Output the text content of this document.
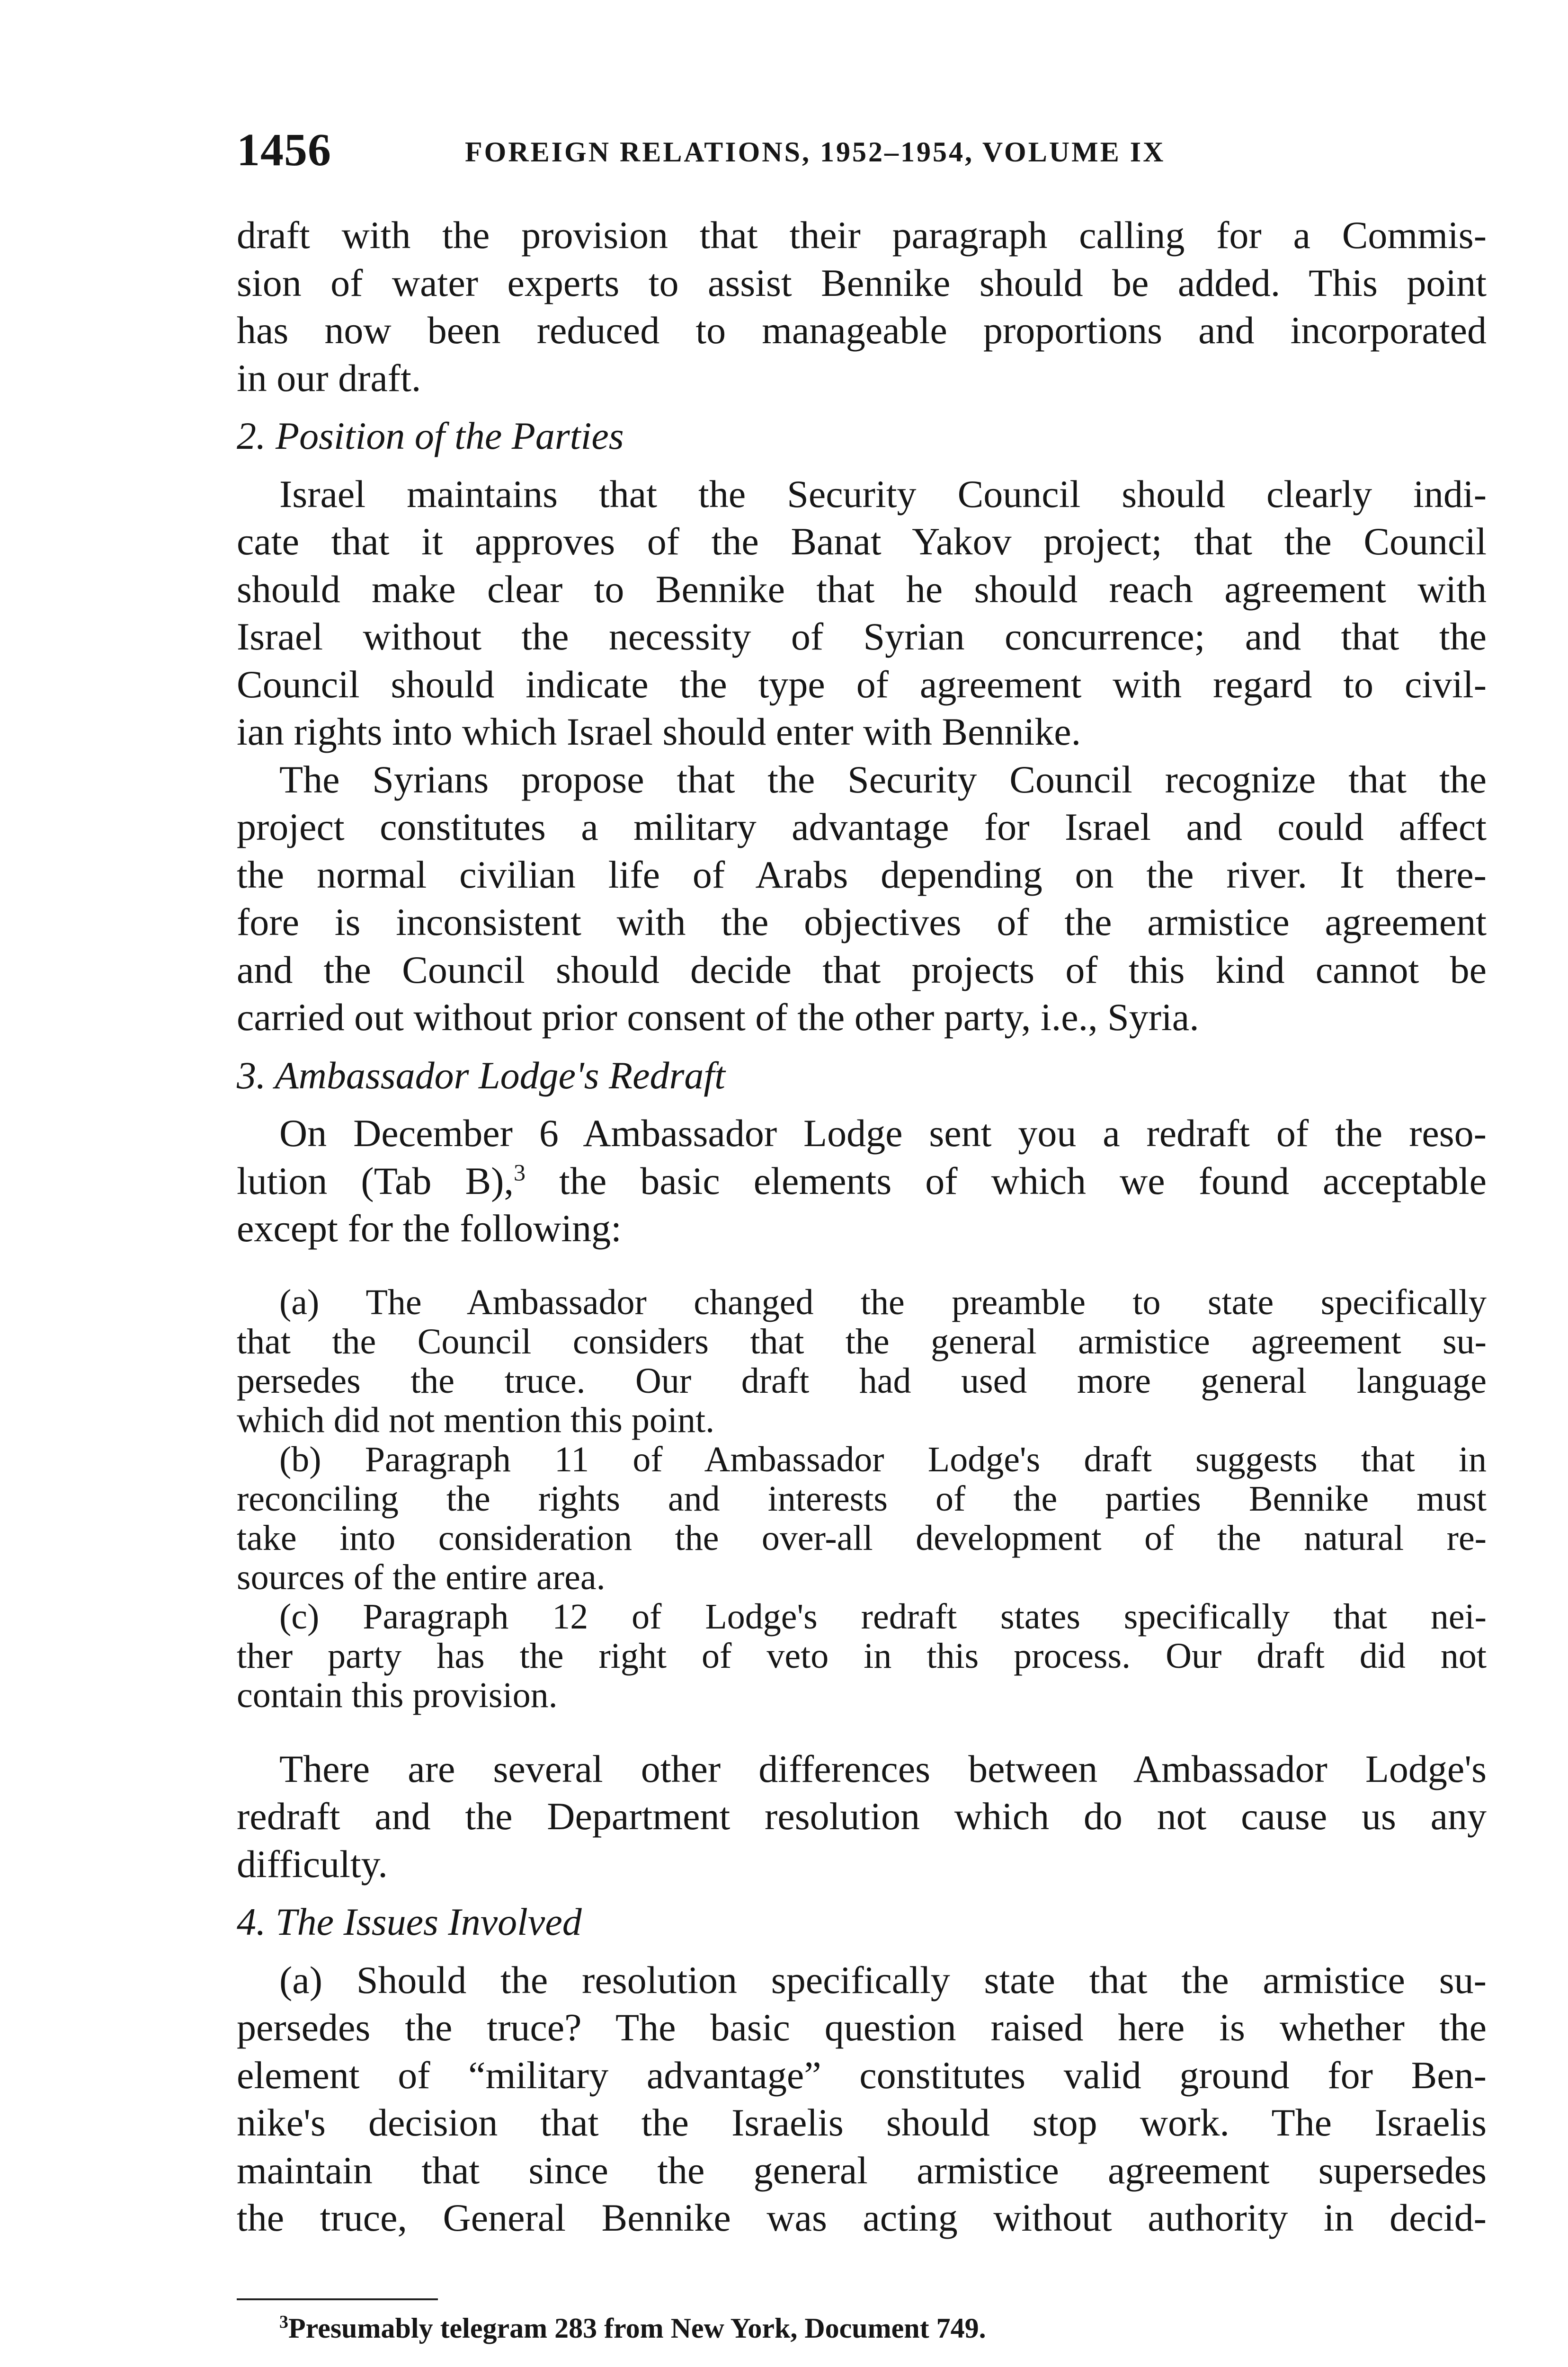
1456	FOREIGN RELATIONS, 1952–1954, VOLUME IX
draft with the provision that their paragraph calling for a Commis-
sion of water experts to assist Bennike should be added. This point
has now been reduced to manageable proportions and incorporated
in our draft.
2. Position of the Parties
Israel maintains that the Security Council should clearly indi-
cate that it approves of the Banat Yakov project; that the Council
should make clear to Bennike that he should reach agreement with
Israel without the necessity of Syrian concurrence; and that the
Council should indicate the type of agreement with regard to civil-
ian rights into which Israel should enter with Bennike.
The Syrians propose that the Security Council recognize that the
project constitutes a military advantage for Israel and could affect
the normal civilian life of Arabs depending on the river. It there-
fore is inconsistent with the objectives of the armistice agreement
and the Council should decide that projects of this kind cannot be
carried out without prior consent of the other party, i.e., Syria.
3. Ambassador Lodge's Redraft
On December 6 Ambassador Lodge sent you a redraft of the reso-
lution (Tab B),$^3$ the basic elements of which we found acceptable
except for the following:
(a) The Ambassador changed the preamble to state specifically
that the Council considers that the general armistice agreement su-
persedes the truce. Our draft had used more general language
which did not mention this point.
(b) Paragraph 11 of Ambassador Lodge's draft suggests that in
reconciling the rights and interests of the parties Bennike must
take into consideration the over-all development of the natural re-
sources of the entire area.
(c) Paragraph 12 of Lodge's redraft states specifically that nei-
ther party has the right of veto in this process. Our draft did not
contain this provision.
There are several other differences between Ambassador Lodge's
redraft and the Department resolution which do not cause us any
difficulty.
4. The Issues Involved
(a) Should the resolution specifically state that the armistice su-
persedes the truce? The basic question raised here is whether the
element of “military advantage” constitutes valid ground for Ben-
nike's decision that the Israelis should stop work. The Israelis
maintain that since the general armistice agreement supersedes
the truce, General Bennike was acting without authority in decid-
$^3$Presumably telegram 283 from New York, Document 749.
